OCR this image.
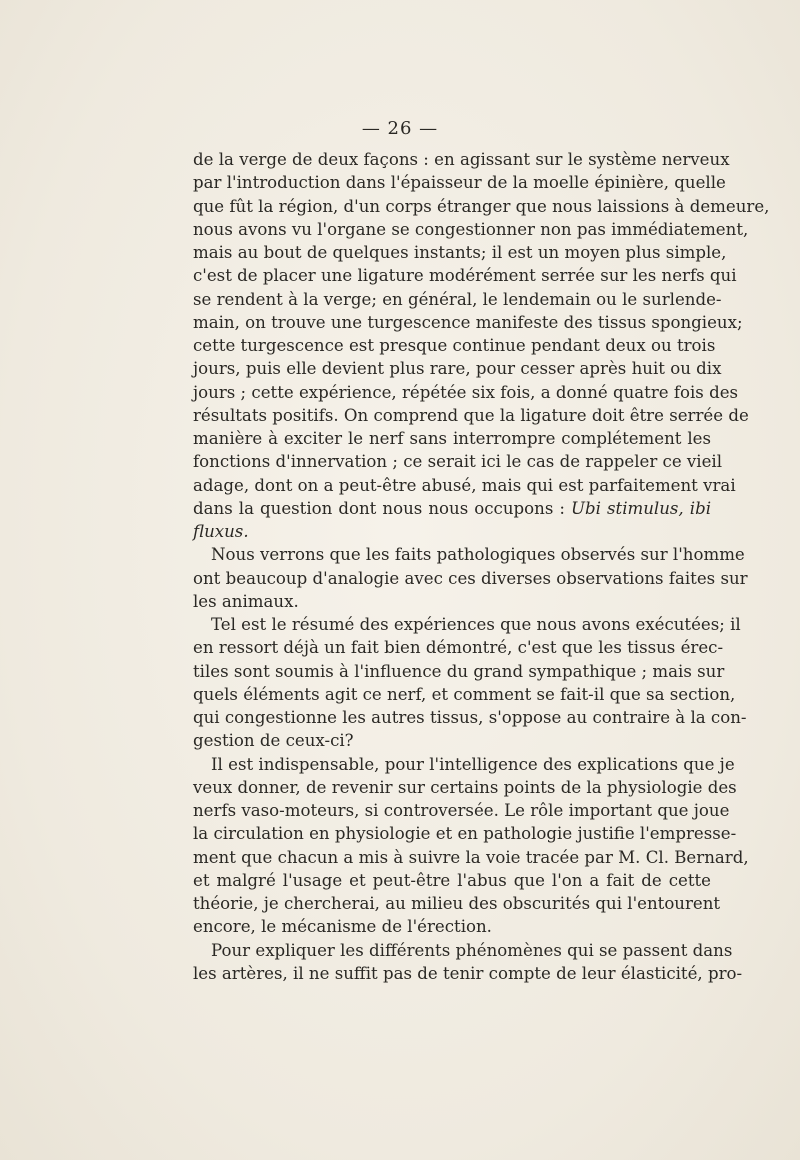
— 26 —
de la verge de deux façons : en agissant sur le système nerveux
par l'introduction dans l'épaisseur de la moelle épinière, quelle
que fût la région, d'un corps étranger que nous laissions à demeure,
nous avons vu l'organe se congestionner non pas immédiatement,
mais au bout de quelques instants; il est un moyen plus simple,
c'est de placer une ligature modérément serrée sur les nerfs qui
se rendent à la verge; en général, le lendemain ou le surlende-
main, on trouve une turgescence manifeste des tissus spongieux;
cette turgescence est presque continue pendant deux ou trois
jours, puis elle devient plus rare, pour cesser après huit ou dix
jours ; cette expérience, répétée six fois, a donné quatre fois des
résultats positifs. On comprend que la ligature doit être serrée de
manière à exciter le nerf sans interrompre complétement les
fonctions d'innervation ; ce serait ici le cas de rappeler ce vieil
adage, dont on a peut-être abusé, mais qui est parfaitement vrai
dans la question dont nous nous occupons : Ubi stimulus, ibi
fluxus.
Nous verrons que les faits pathologiques observés sur l'homme
ont beaucoup d'analogie avec ces diverses observations faites sur
les animaux.
Tel est le résumé des expériences que nous avons exécutées; il
en ressort déjà un fait bien démontré, c'est que les tissus érec-
tiles sont soumis à l'influence du grand sympathique ; mais sur
quels éléments agit ce nerf, et comment se fait-il que sa section,
qui congestionne les autres tissus, s'oppose au contraire à la con-
gestion de ceux-ci?
Il est indispensable, pour l'intelligence des explications que je
veux donner, de revenir sur certains points de la physiologie des
nerfs vaso-moteurs, si controversée. Le rôle important que joue
la circulation en physiologie et en pathologie justifie l'empresse-
ment que chacun a mis à suivre la voie tracée par M. Cl. Bernard,
et malgré l'usage et peut-être l'abus que l'on a fait de cette
théorie, je chercherai, au milieu des obscurités qui l'entourent
encore, le mécanisme de l'érection.
Pour expliquer les différents phénomènes qui se passent dans
les artères, il ne suffit pas de tenir compte de leur élasticité, pro-
